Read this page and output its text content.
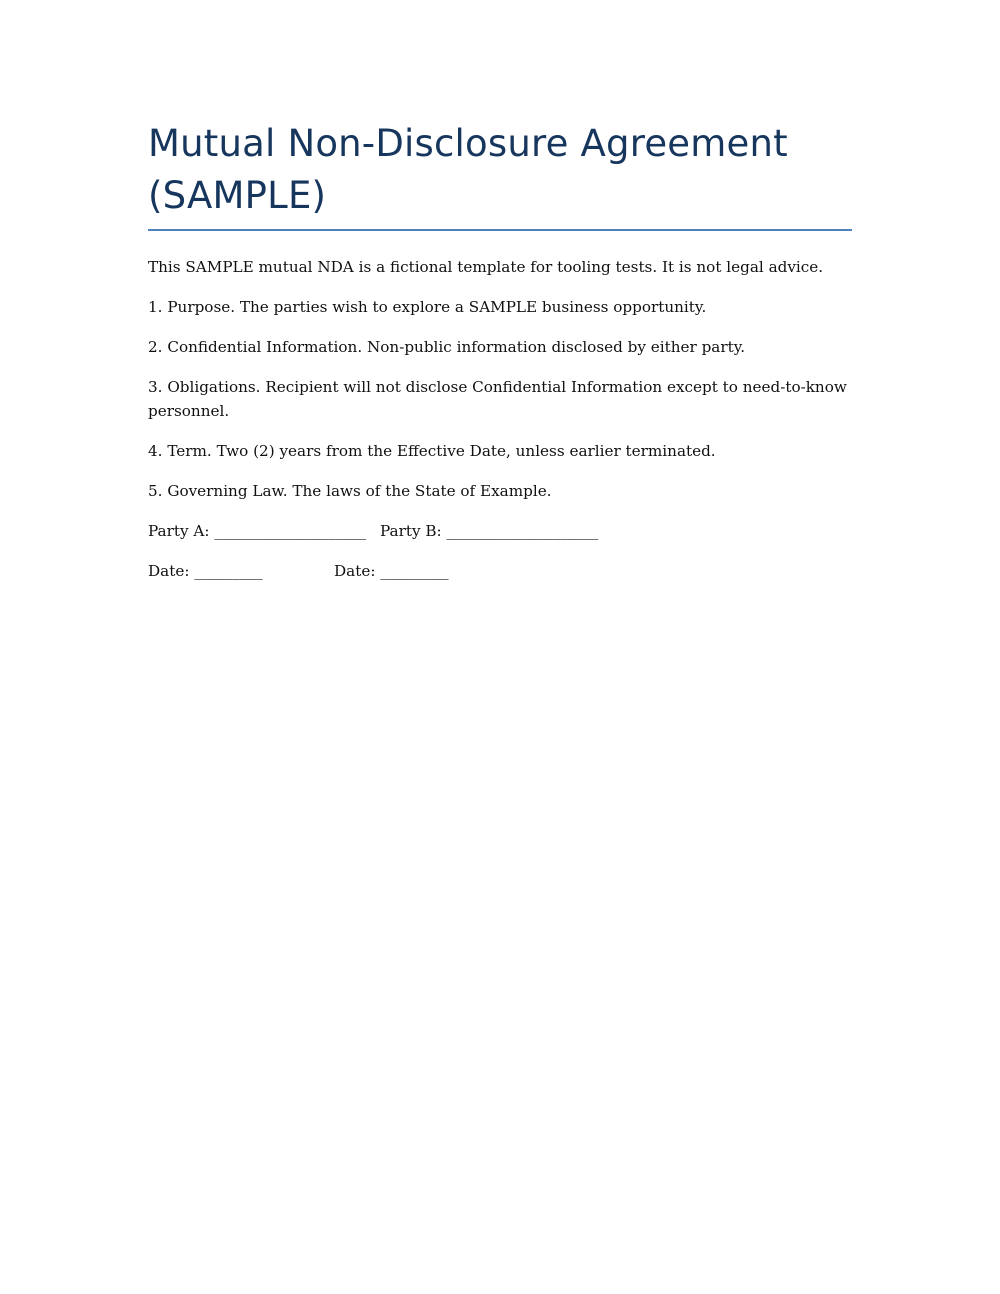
Mutual Non-Disclosure Agreement (SAMPLE)

This SAMPLE mutual NDA is a fictional template for tooling tests. It is not legal advice.

1. Purpose. The parties wish to explore a SAMPLE business opportunity.

2. Confidential Information. Non-public information disclosed by either party.

3. Obligations. Recipient will not disclose Confidential Information except to need-to-know personnel.

4. Term. Two (2) years from the Effective Date, unless earlier terminated.

5. Governing Law. The laws of the State of Example.

Party A: ____________________ Party B: ____________________
Date: _________	Date: _________
